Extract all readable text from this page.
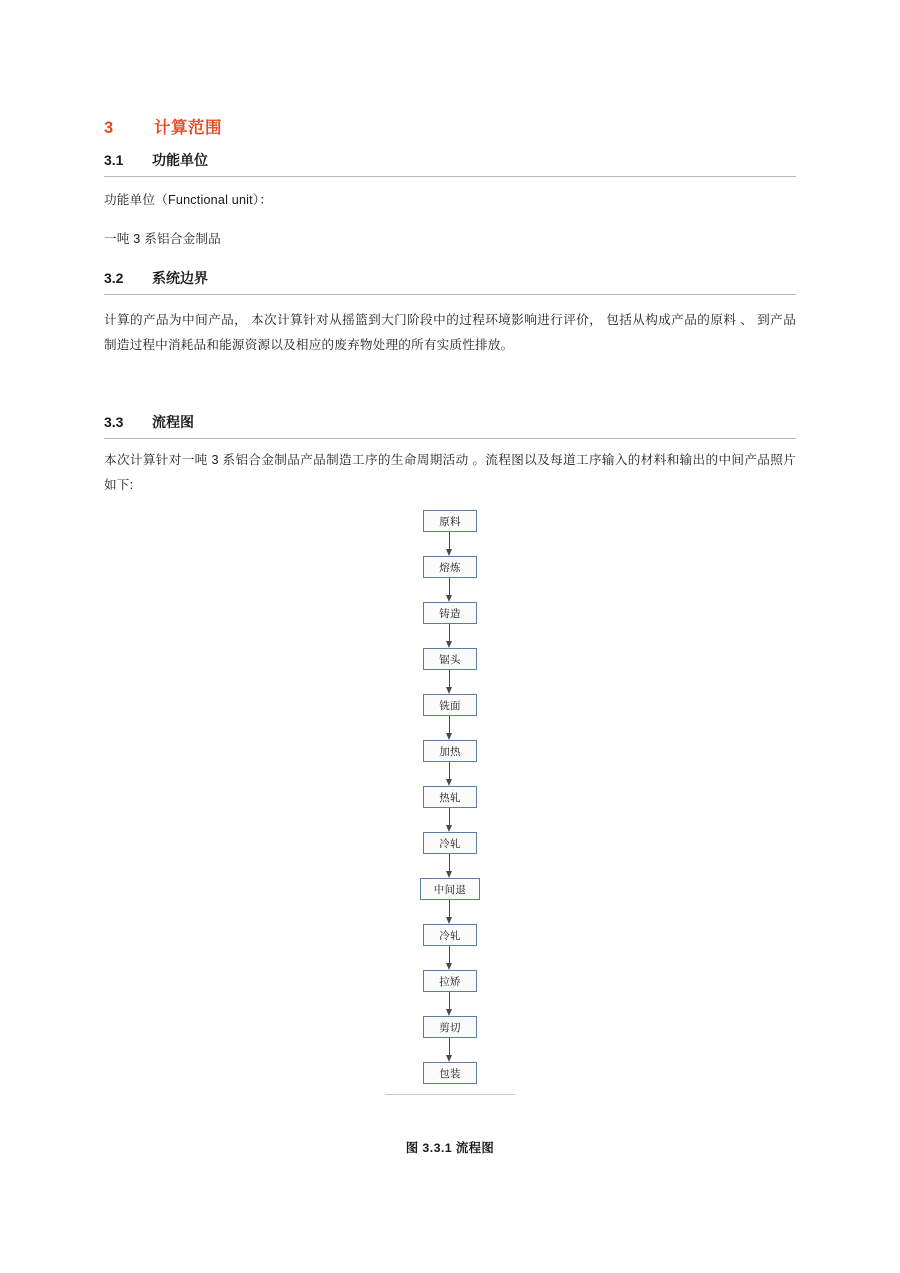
3 计算范围
3.1 功能单位

功能单位（Functional unit）：

一吨 3 系铝合金制品

3.2 系统边界

计算的产品为中间产品， 本次计算针对从摇篮到大门阶段中的过程环境影响进行评价， 包括从构成产品的原料 、 到产品制造过程中消耗品和能源资源以及相应的废弃物处理的所有实质性排放。

3.3 流程图

本次计算针对一吨 3 系铝合金制品产品制造工序的生命周期活动 。流程图以及每道工序输入的材料和输出的中间产品照片如下:

原料
熔炼
铸造
锯头
铣面
加热
热轧
冷轧
中间退
冷轧
拉矫
剪切
包装
图 3.3.1 流程图
